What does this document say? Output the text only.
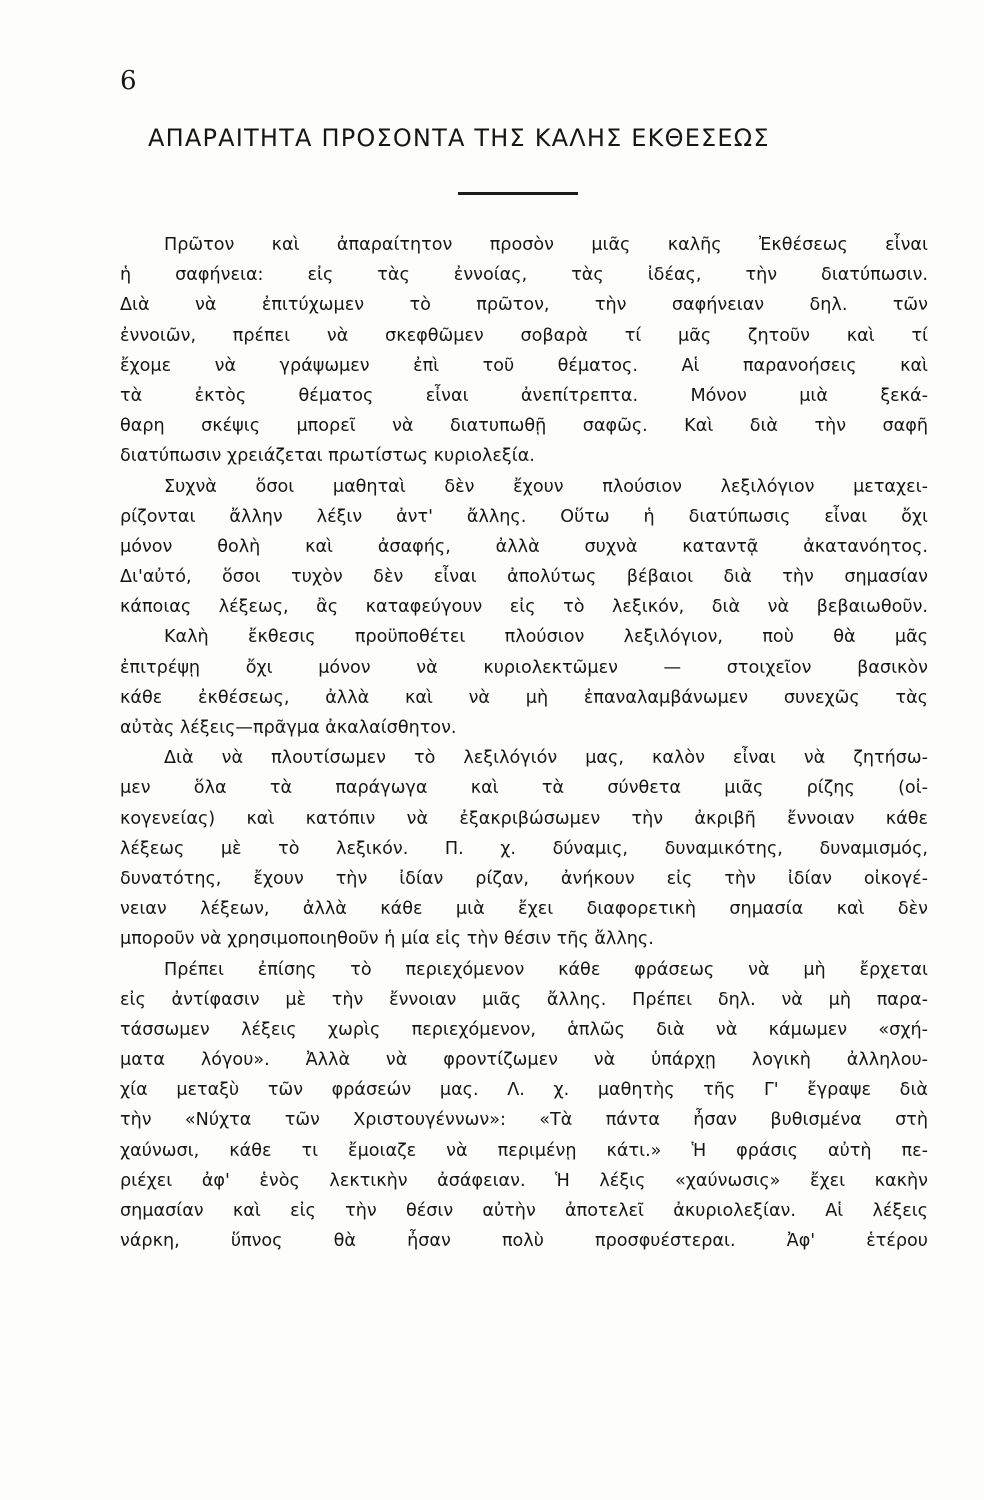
6
ΑΠΑΡΑΙΤΗΤΑ ΠΡΟΣΟΝΤΑ ΤΗΣ ΚΑΛΗΣ ΕΚΘΕΣΕΩΣ
Πρῶτον καὶ ἀπαραίτητον προσὸν μιᾶς καλῆς Ἐκθέσεως εἶναι
ἡ σαφήνεια: εἰς τὰς ἐννοίας, τὰς ἰδέας, τὴν διατύπωσιν.
Διὰ νὰ ἐπιτύχωμεν τὸ πρῶτον, τὴν σαφήνειαν δηλ. τῶν
ἐννοιῶν, πρέπει νὰ σκεφθῶμεν σοβαρὰ τί μᾶς ζητοῦν καὶ τί
ἔχομε νὰ γράψωμεν ἐπὶ τοῦ θέματος. Αἱ παρανοήσεις καὶ
τὰ ἐκτὸς θέματος εἶναι ἀνεπίτρεπτα. Μόνον μιὰ ξεκά-
θαρη σκέψις μπορεῖ νὰ διατυπωθῇ σαφῶς. Καὶ διὰ τὴν σαφῆ
διατύπωσιν χρειάζεται πρωτίστως κυριολεξία.
Συχνὰ ὅσοι μαθηταὶ δὲν ἔχουν πλούσιον λεξιλόγιον μεταχει-
ρίζονται ἄλλην λέξιν ἀντ' ἄλλης. Οὕτω ἡ διατύπωσις εἶναι ὄχι
μόνον θολὴ καὶ ἀσαφής, ἀλλὰ συχνὰ καταντᾷ ἀκατανόητος.
Δι'αὐτό, ὅσοι τυχὸν δὲν εἶναι ἀπολύτως βέβαιοι διὰ τὴν σημασίαν
κάποιας λέξεως, ἂς καταφεύγουν εἰς τὸ λεξικόν, διὰ νὰ βεβαιωθοῦν.
Καλὴ ἔκθεσις προϋποθέτει πλούσιον λεξιλόγιον, ποὺ θὰ μᾶς
ἐπιτρέψῃ ὄχι μόνον νὰ κυριολεκτῶμεν — στοιχεῖον βασικὸν
κάθε ἐκθέσεως, ἀλλὰ καὶ νὰ μὴ ἐπαναλαμβάνωμεν συνεχῶς τὰς
αὐτὰς λέξεις—πρᾶγμα ἀκαλαίσθητον.
Διὰ νὰ πλουτίσωμεν τὸ λεξιλόγιόν μας, καλὸν εἶναι νὰ ζητήσω-
μεν ὅλα τὰ παράγωγα καὶ τὰ σύνθετα μιᾶς ρίζης (οἰ-
κογενείας) καὶ κατόπιν νὰ ἐξακριβώσωμεν τὴν ἀκριβῆ ἔννοιαν κάθε
λέξεως μὲ τὸ λεξικόν. Π. χ. δύναμις, δυναμικότης, δυναμισμός,
δυνατότης, ἔχουν τὴν ἰδίαν ρίζαν, ἀνήκουν εἰς τὴν ἰδίαν οἰκογέ-
νειαν λέξεων, ἀλλὰ κάθε μιὰ ἔχει διαφορετικὴ σημασία καὶ δὲν
μποροῦν νὰ χρησιμοποιηθοῦν ἡ μία εἰς τὴν θέσιν τῆς ἄλλης.
Πρέπει ἐπίσης τὸ περιεχόμενον κάθε φράσεως νὰ μὴ ἔρχεται
εἰς ἀντίφασιν μὲ τὴν ἔννοιαν μιᾶς ἄλλης. Πρέπει δηλ. νὰ μὴ παρα-
τάσσωμεν λέξεις χωρὶς περιεχόμενον, ἁπλῶς διὰ νὰ κάμωμεν «σχή-
ματα λόγου». Ἀλλὰ νὰ φροντίζωμεν νὰ ὑπάρχῃ λογικὴ ἀλληλου-
χία μεταξὺ τῶν φράσεών μας. Λ. χ. μαθητὴς τῆς Γ' ἔγραψε διὰ
τὴν «Νύχτα τῶν Χριστουγέννων»: «Τὰ πάντα ἦσαν βυθισμένα στὴ
χαύνωσι, κάθε τι ἔμοιαζε νὰ περιμένῃ κάτι.» Ἡ φράσις αὐτὴ πε-
ριέχει ἀφ' ἑνὸς λεκτικὴν ἀσάφειαν. Ἡ λέξις «χαύνωσις» ἔχει κακὴν
σημασίαν καὶ εἰς τὴν θέσιν αὐτὴν ἀποτελεῖ ἀκυριολεξίαν. Αἱ λέξεις
νάρκη, ὕπνος θὰ ἦσαν πολὺ προσφυέστεραι. Ἀφ' ἑτέρου
